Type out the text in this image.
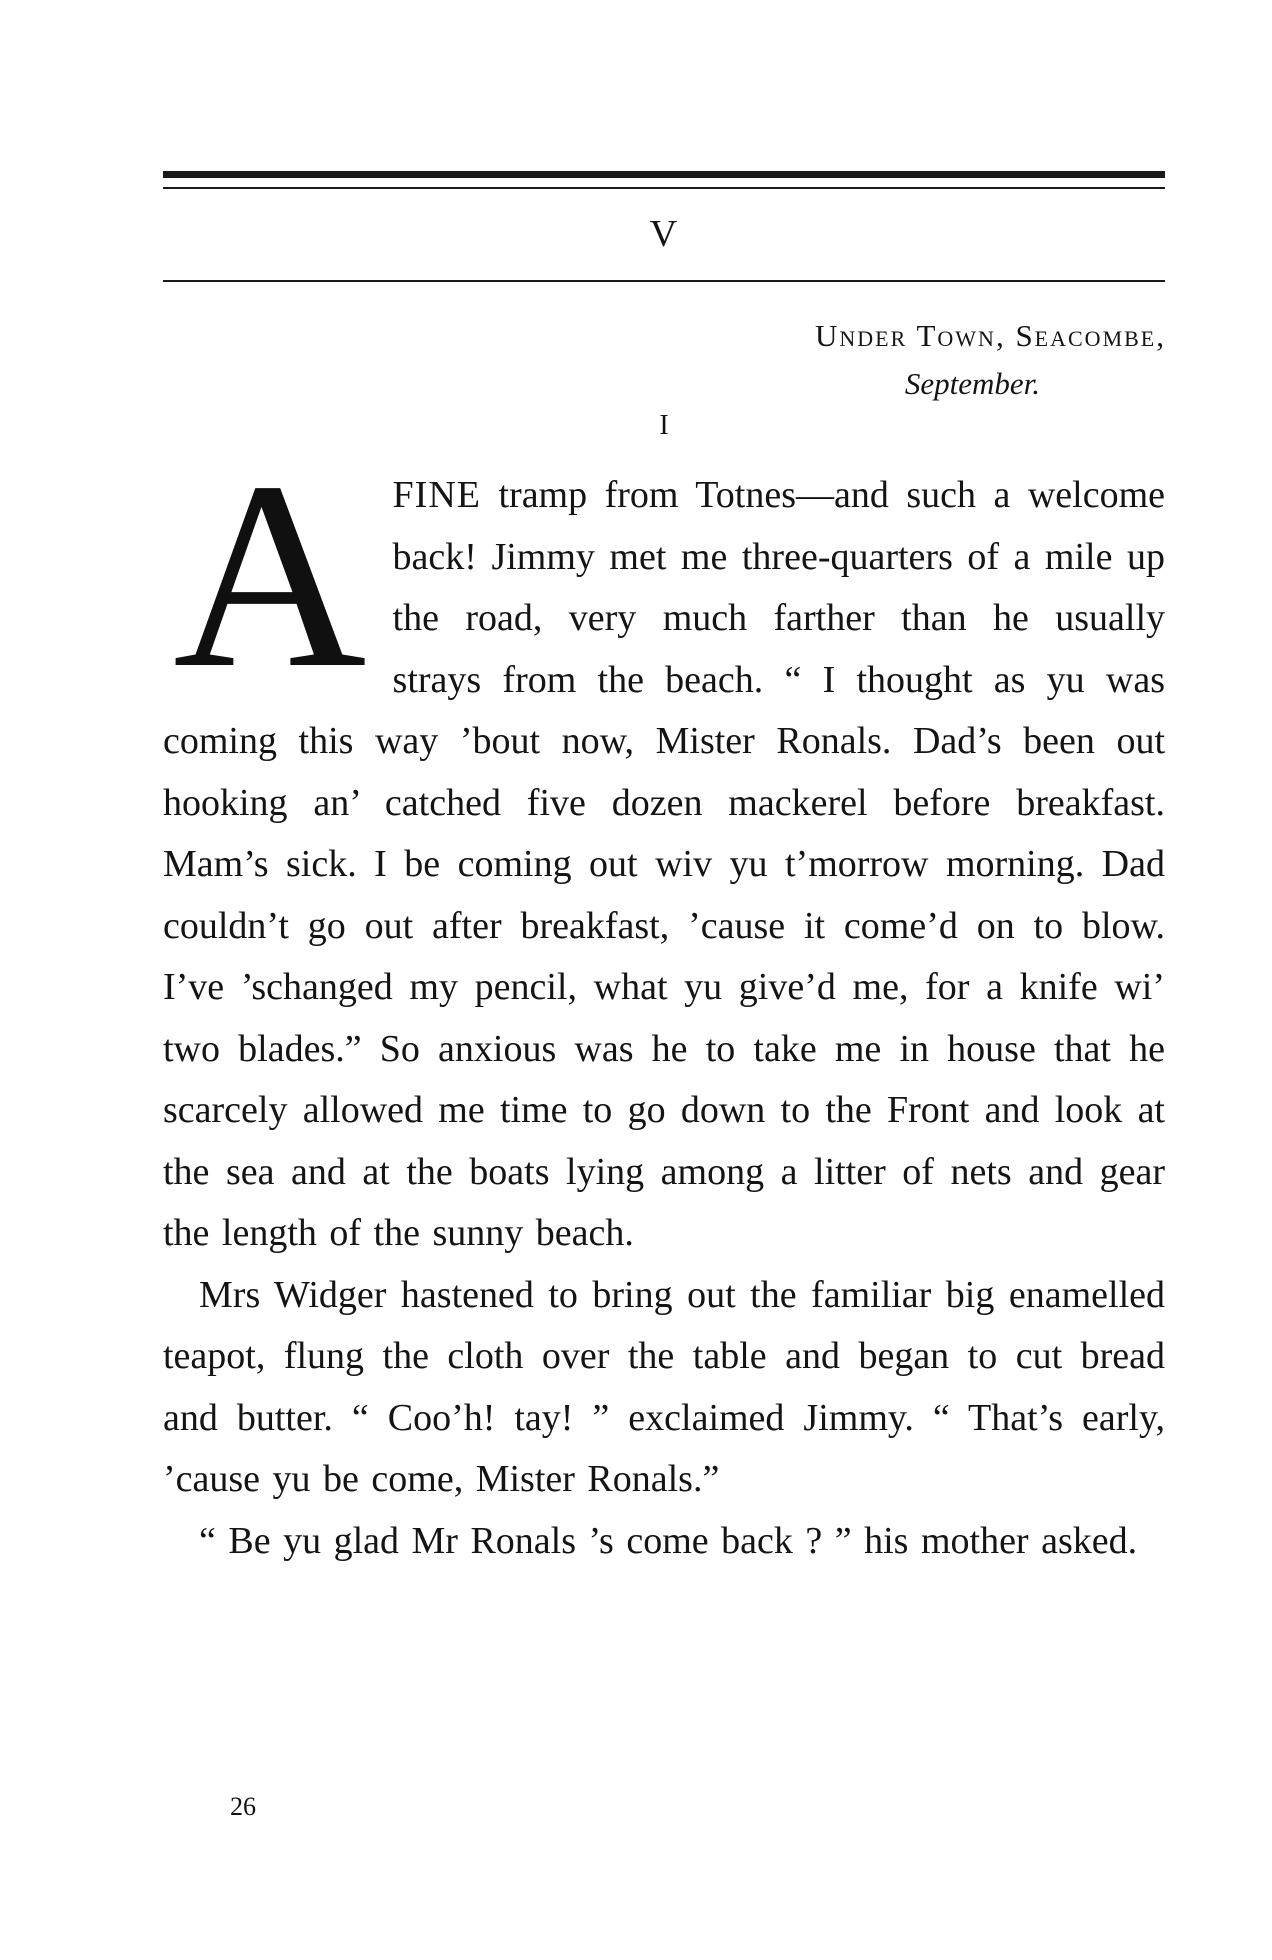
V
Under Town, Seacombe,
September.
I

AFINE tramp from Totnes—and such a welcome back! Jimmy met me three-quarters of a mile up the road, very much farther than he usually strays from the beach. “ I thought as yu was coming this way ’bout now, Mister Ronals. Dad’s been out hooking an’ catched five dozen mackerel before breakfast. Mam’s sick. I be coming out wiv yu t’morrow morning. Dad couldn’t go out after breakfast, ’cause it come’d on to blow. I’ve ’schanged my pencil, what yu give’d me, for a knife wi’ two blades.” So anxious was he to take me in house that he scarcely allowed me time to go down to the Front and look at the sea and at the boats lying among a litter of nets and gear the length of the sunny beach.

Mrs Widger hastened to bring out the familiar big enamelled teapot, flung the cloth over the table and began to cut bread and butter. “ Coo’h! tay! ” exclaimed Jimmy. “ That’s early, ’cause yu be come, Mister Ronals.”

“ Be yu glad Mr Ronals ’s come back ? ” his mother asked.

26
